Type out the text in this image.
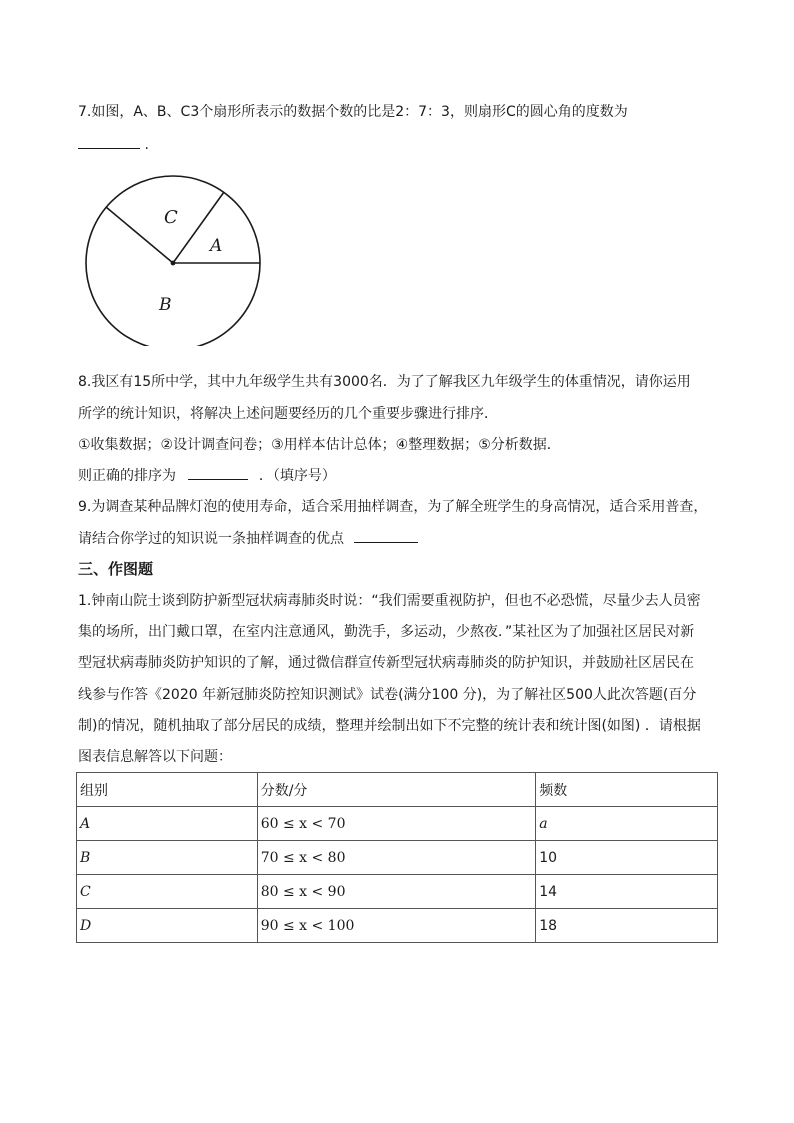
7.如图，A、B、C3个扇形所表示的数据个数的比是2：7：3，则扇形C的圆心角的度数为
.
A
B
C
8.我区有15所中学，其中九年级学生共有3000名．为了了解我区九年级学生的体重情况，请你运用
所学的统计知识，将解决上述问题要经历的几个重要步骤进行排序．
①收集数据；②设计调查问卷；③用样本估计总体；④整理数据；⑤分析数据．
则正确的排序为	．（填序号）
9.为调查某种品牌灯泡的使用寿命，适合采用抽样调查，为了解全班学生的身高情况，适合采用普查，
请结合你学过的知识说一条抽样调查的优点
三、作图题
1.钟南山院士谈到防护新型冠状病毒肺炎时说：“我们需要重视防护，但也不必恐慌，尽量少去人员密
集的场所，出门戴口罩，在室内注意通风，勤洗手，多运动，少熬夜．”某社区为了加强社区居民对新
型冠状病毒肺炎防护知识的了解，通过微信群宣传新型冠状病毒肺炎的防护知识，并鼓励社区居民在
线参与作答《2020 年新冠肺炎防控知识测试》试卷(满分100 分)，为了解社区500人此次答题(百分
制)的情况，随机抽取了部分居民的成绩，整理并绘制出如下不完整的统计表和统计图(如图) ．请根据
图表信息解答以下问题：
组别	分数/分	频数
A	60 ≤ x < 70	a
B	70 ≤ x < 80	10
C	80 ≤ x < 90	14
D	90 ≤ x < 100	18
